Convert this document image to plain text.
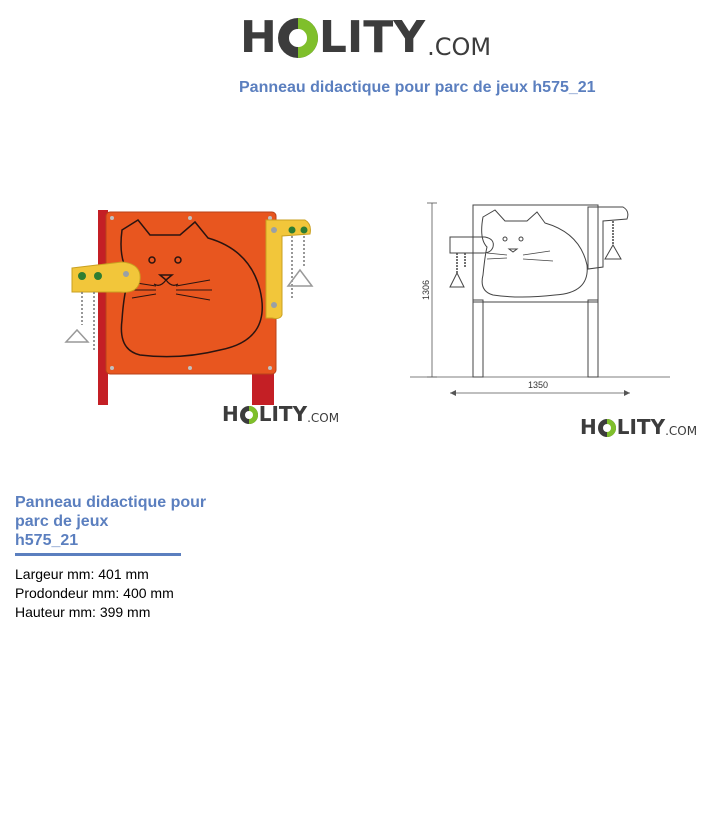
H LITY .COM
Panneau didactique pour parc de jeux h575_21
H LITY .COM
1306
1350
H LITY .COM
Panneau didactique pour
parc de jeux
h575_21
Largeur mm: 401 mm
Prodondeur mm: 400 mm
Hauteur mm: 399 mm
